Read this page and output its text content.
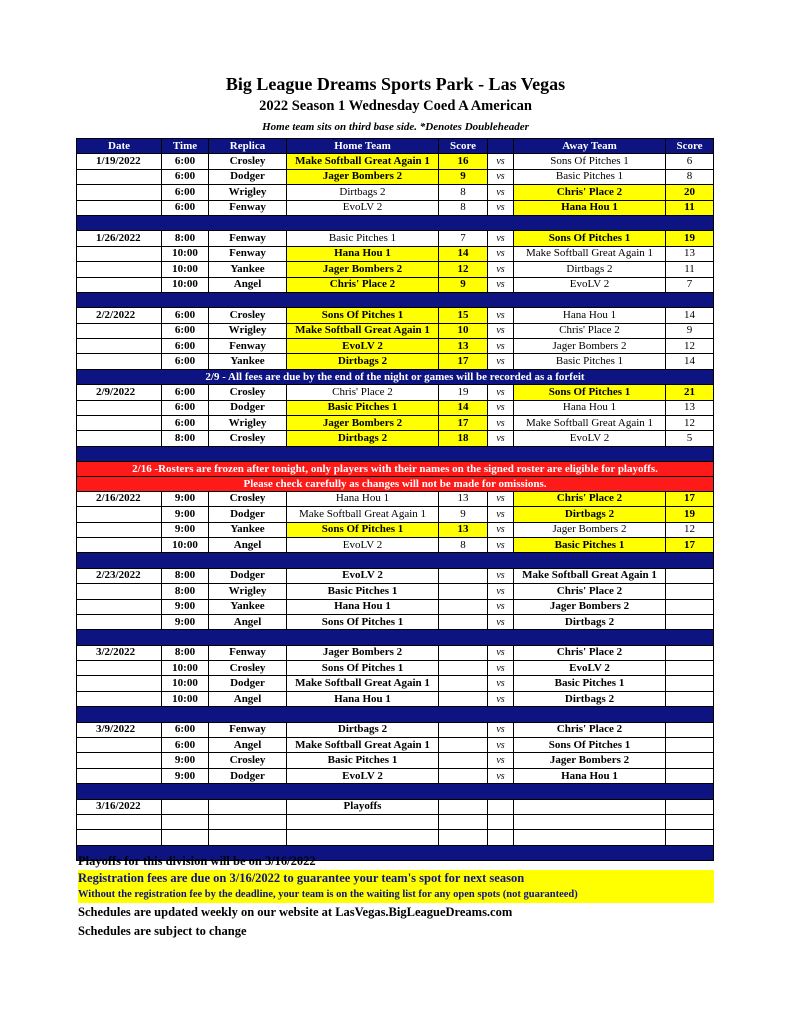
Big League Dreams Sports Park - Las Vegas
2022 Season 1 Wednesday Coed A American
Home team sits on third base side. *Denotes Doubleheader
Date	Time	Replica	Home Team	Score		Away Team	Score
1/19/2022	6:00	Crosley	Make Softball Great Again 1	16	vs	Sons Of Pitches 1	6
	6:00	Dodger	Jager Bombers 2	9	vs	Basic Pitches 1	8
	6:00	Wrigley	Dirtbags 2	8	vs	Chris' Place 2	20
	6:00	Fenway	EvoLV 2	8	vs	Hana Hou 1	11

1/26/2022	8:00	Fenway	Basic Pitches 1	7	vs	Sons Of Pitches 1	19
	10:00	Fenway	Hana Hou 1	14	vs	Make Softball Great Again 1	13
	10:00	Yankee	Jager Bombers 2	12	vs	Dirtbags 2	11
	10:00	Angel	Chris' Place 2	9	vs	EvoLV 2	7

2/2/2022	6:00	Crosley	Sons Of Pitches 1	15	vs	Hana Hou 1	14
	6:00	Wrigley	Make Softball Great Again 1	10	vs	Chris' Place 2	9
	6:00	Fenway	EvoLV 2	13	vs	Jager Bombers 2	12
	6:00	Yankee	Dirtbags 2	17	vs	Basic Pitches 1	14
2/9 - All fees are due by the end of the night or games will be recorded as a forfeit							
2/9/2022	6:00	Crosley	Chris' Place 2	19	vs	Sons Of Pitches 1	21
	6:00	Dodger	Basic Pitches 1	14	vs	Hana Hou 1	13
	6:00	Wrigley	Jager Bombers 2	17	vs	Make Softball Great Again 1	12
	8:00	Crosley	Dirtbags 2	18	vs	EvoLV 2	5

2/16 -Rosters are frozen after tonight, only players with their names on the signed roster are eligible for playoffs.							
Please check carefully as changes will not be made for omissions.							
2/16/2022	9:00	Crosley	Hana Hou 1	13	vs	Chris' Place 2	17
	9:00	Dodger	Make Softball Great Again 1	9	vs	Dirtbags 2	19
	9:00	Yankee	Sons Of Pitches 1	13	vs	Jager Bombers 2	12
	10:00	Angel	EvoLV 2	8	vs	Basic Pitches 1	17

2/23/2022	8:00	Dodger	EvoLV 2		vs	Make Softball Great Again 1	
	8:00	Wrigley	Basic Pitches 1		vs	Chris' Place 2	
	9:00	Yankee	Hana Hou 1		vs	Jager Bombers 2	
	9:00	Angel	Sons Of Pitches 1		vs	Dirtbags 2	

3/2/2022	8:00	Fenway	Jager Bombers 2		vs	Chris' Place 2	
	10:00	Crosley	Sons Of Pitches 1		vs	EvoLV 2	
	10:00	Dodger	Make Softball Great Again 1		vs	Basic Pitches 1	
	10:00	Angel	Hana Hou 1		vs	Dirtbags 2	

3/9/2022	6:00	Fenway	Dirtbags 2		vs	Chris' Place 2	
	6:00	Angel	Make Softball Great Again 1		vs	Sons Of Pitches 1	
	9:00	Crosley	Basic Pitches 1		vs	Jager Bombers 2	
	9:00	Dodger	EvoLV 2		vs	Hana Hou 1	

3/16/2022			Playoffs				

Playoffs for this division will be on 3/16/2022
Registration fees are due on 3/16/2022 to guarantee your team's spot for next season
Without the registration fee by the deadline, your team is on the waiting list for any open spots (not guaranteed)
Schedules are updated weekly on our website at LasVegas.BigLeagueDreams.com
Schedules are subject to change
